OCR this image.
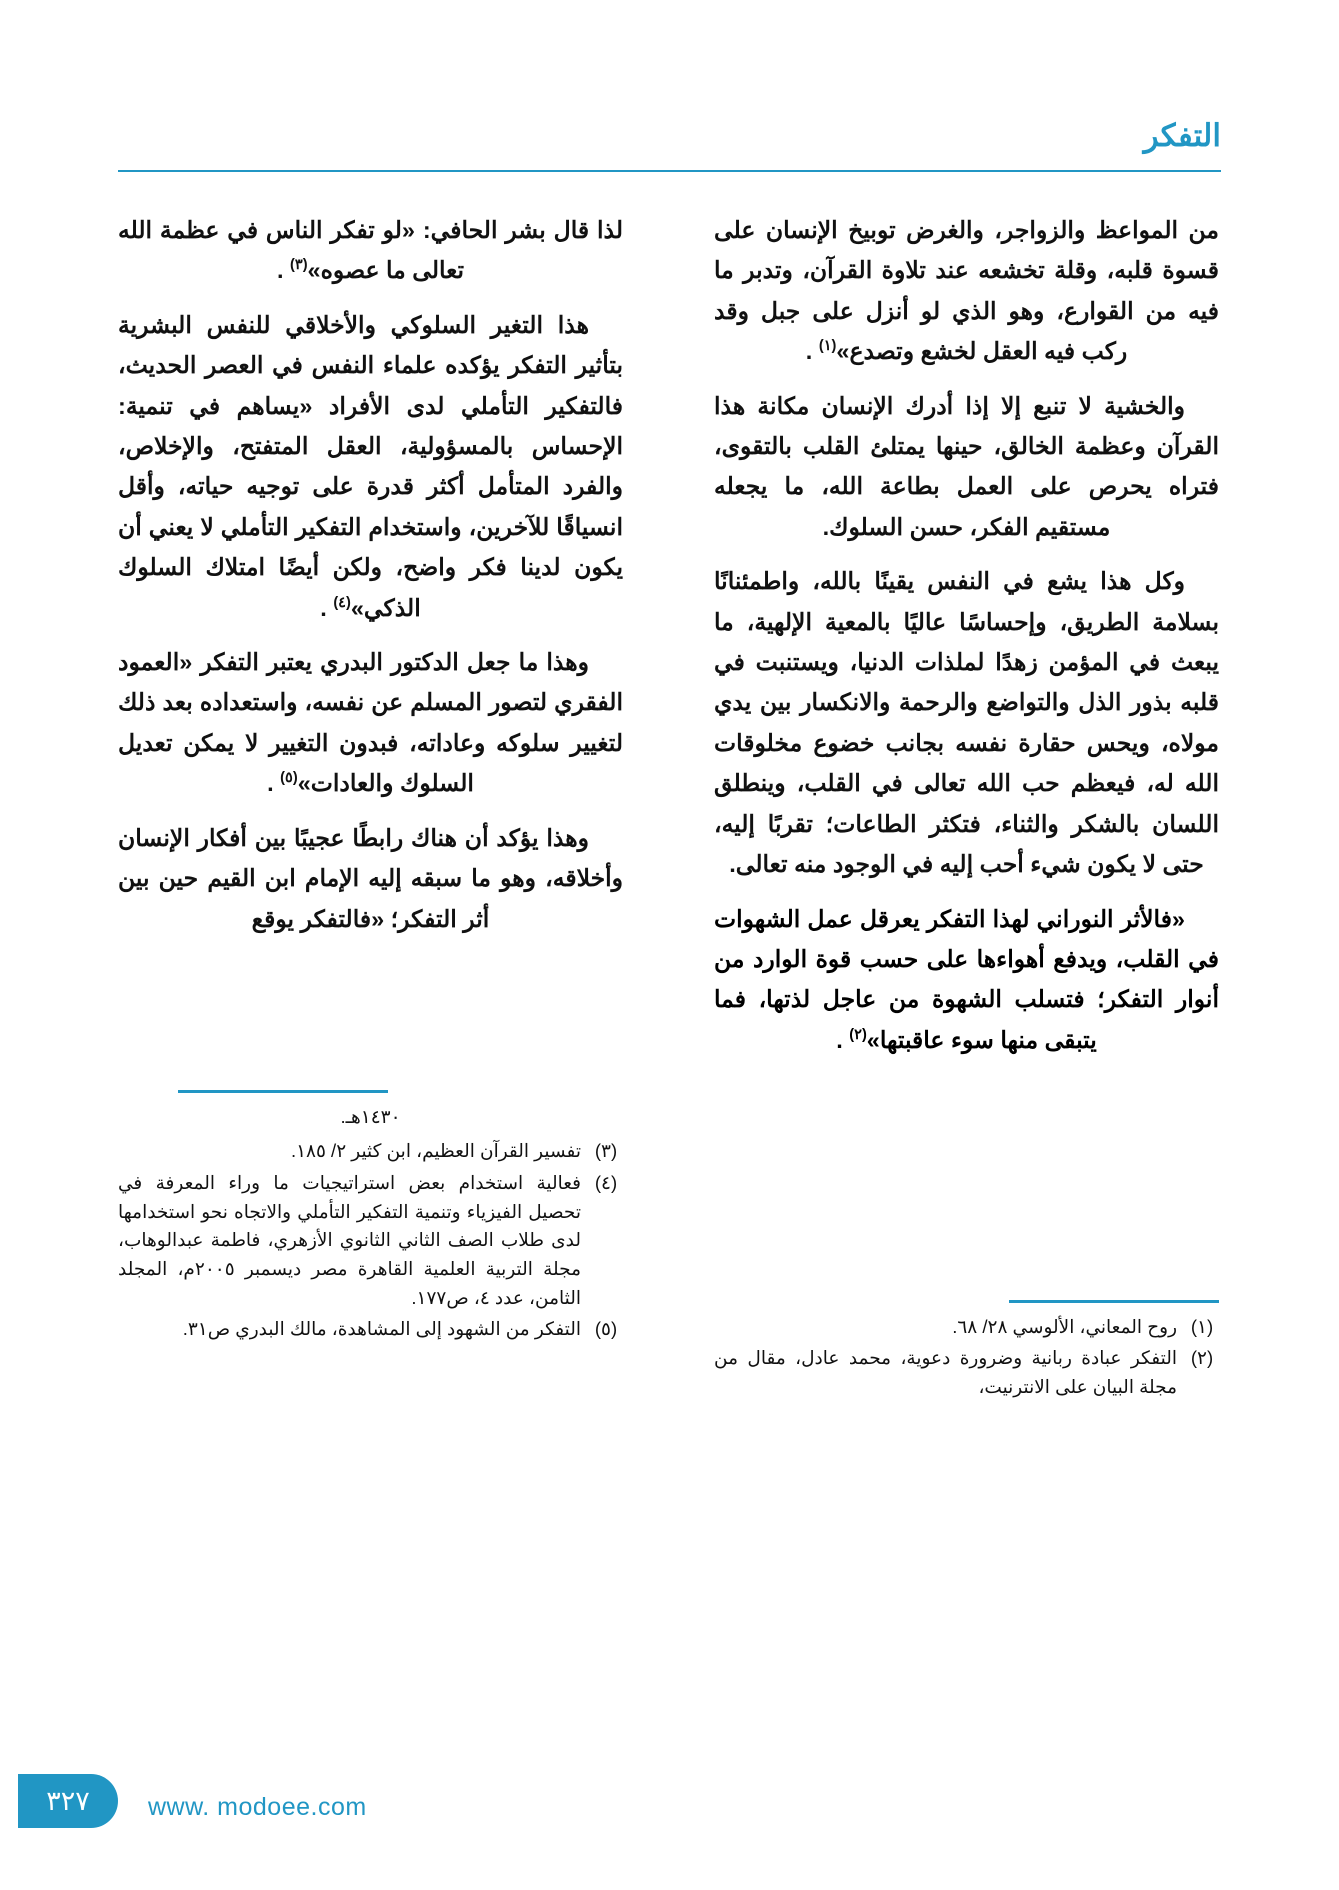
التفكر

من المواعظ والزواجر، والغرض توبيخ الإنسان على قسوة قلبه، وقلة تخشعه عند تلاوة القرآن، وتدبر ما فيه من القوارع، وهو الذي لو أنزل على جبل وقد ركب فيه العقل لخشع وتصدع»$^{(١)}$ .

والخشية لا تنبع إلا إذا أدرك الإنسان مكانة هذا القرآن وعظمة الخالق، حينها يمتلئ القلب بالتقوى، فتراه يحرص على العمل بطاعة الله، ما يجعله مستقيم الفكر، حسن السلوك.

وكل هذا يشع في النفس يقينًا بالله، واطمئنانًا بسلامة الطريق، وإحساسًا عاليًا بالمعية الإلهية، ما يبعث في المؤمن زهدًا لملذات الدنيا، ويستنبت في قلبه بذور الذل والتواضع والرحمة والانكسار بين يدي مولاه، ويحس حقارة نفسه بجانب خضوع مخلوقات الله له، فيعظم حب الله تعالى في القلب، وينطلق اللسان بالشكر والثناء، فتكثر الطاعات؛ تقربًا إليه، حتى لا يكون شيء أحب إليه في الوجود منه تعالى.

«فالأثر النوراني لهذا التفكر يعرقل عمل الشهوات في القلب، ويدفع أهواءها على حسب قوة الوارد من أنوار التفكر؛ فتسلب الشهوة من عاجل لذتها، فما يتبقى منها سوء عاقبتها»$^{(٢)}$ .

لذا قال بشر الحافي: «لو تفكر الناس في عظمة الله تعالى ما عصوه»$^{(٣)}$ .

هذا التغير السلوكي والأخلاقي للنفس البشرية بتأثير التفكر يؤكده علماء النفس في العصر الحديث، فالتفكير التأملي لدى الأفراد «يساهم في تنمية: الإحساس بالمسؤولية، العقل المتفتح، والإخلاص، والفرد المتأمل أكثر قدرة على توجيه حياته، وأقل انسياقًا للآخرين، واستخدام التفكير التأملي لا يعني أن يكون لدينا فكر واضح، ولكن أيضًا امتلاك السلوك الذكي»$^{(٤)}$ .

وهذا ما جعل الدكتور البدري يعتبر التفكر «العمود الفقري لتصور المسلم عن نفسه، واستعداده بعد ذلك لتغيير سلوكه وعاداته، فبدون التغيير لا يمكن تعديل السلوك والعادات»$^{(٥)}$ .

وهذا يؤكد أن هناك رابطًا عجيبًا بين أفكار الإنسان وأخلاقه، وهو ما سبقه إليه الإمام ابن القيم حين بين أثر التفكر؛ «فالتفكر يوقع

(١)
روح المعاني، الألوسي ٢٨/ ٦٨.
(٢)
التفكر عبادة ربانية وضرورة دعوية، محمد عادل، مقال من مجلة البيان على الانترنيت،
١٤٣٠هـ.
(٣)
تفسير القرآن العظيم، ابن كثير ٢/ ١٨٥.
(٤)
فعالية استخدام بعض استراتيجيات ما وراء المعرفة في تحصيل الفيزياء وتنمية التفكير التأملي والاتجاه نحو استخدامها لدى طلاب الصف الثاني الثانوي الأزهري، فاطمة عبدالوهاب، مجلة التربية العلمية القاهرة مصر ديسمبر ٢٠٠٥م، المجلد الثامن، عدد ٤، ص١٧٧.
(٥)
التفكر من الشهود إلى المشاهدة، مالك البدري ص٣١.
٣٢٧	www. modoee.com
